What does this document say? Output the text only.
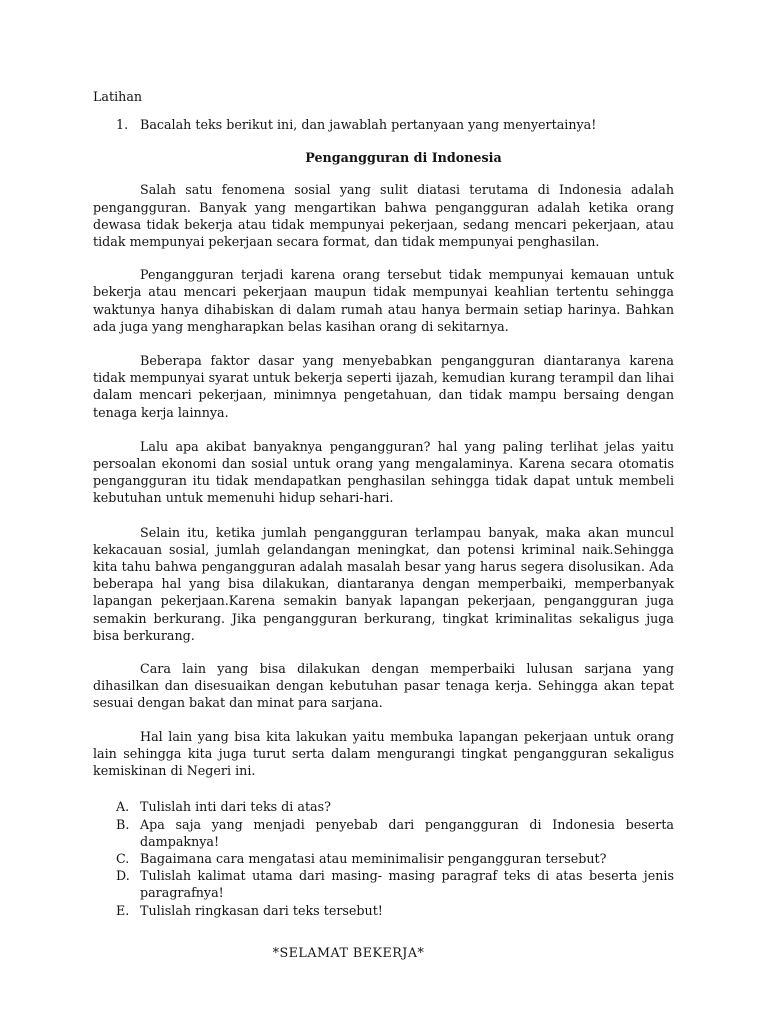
Latihan

1. Bacalah teks berikut ini, dan jawablah pertanyaan yang menyertainya!

Pengangguran di Indonesia

Salah satu fenomena sosial yang sulit diatasi terutama di Indonesia adalah pengangguran. Banyak yang mengartikan bahwa pengangguran adalah ketika orang dewasa tidak bekerja atau tidak mempunyai pekerjaan, sedang mencari pekerjaan, atau tidak mempunyai pekerjaan secara format, dan tidak mempunyai penghasilan.

Pengangguran terjadi karena orang tersebut tidak mempunyai kemauan untuk bekerja atau mencari pekerjaan maupun tidak mempunyai keahlian tertentu sehingga waktunya hanya dihabiskan di dalam rumah atau hanya bermain setiap harinya. Bahkan ada juga yang mengharapkan belas kasihan orang di sekitarnya.

Beberapa faktor dasar yang menyebabkan pengangguran diantaranya karena tidak mempunyai syarat untuk bekerja seperti ijazah, kemudian kurang terampil dan lihai dalam mencari pekerjaan, minimnya pengetahuan, dan tidak mampu bersaing dengan tenaga kerja lainnya.

Lalu apa akibat banyaknya pengangguran? hal yang paling terlihat jelas yaitu persoalan ekonomi dan sosial untuk orang yang mengalaminya. Karena secara otomatis pengangguran itu tidak mendapatkan penghasilan sehingga tidak dapat untuk membeli kebutuhan untuk memenuhi hidup sehari-hari.

Selain itu, ketika jumlah pengangguran terlampau banyak, maka akan muncul kekacauan sosial, jumlah gelandangan meningkat, dan potensi kriminal naik.Sehingga kita tahu bahwa pengangguran adalah masalah besar yang harus segera disolusikan. Ada beberapa hal yang bisa dilakukan, diantaranya dengan memperbaiki, memperbanyak lapangan pekerjaan.Karena semakin banyak lapangan pekerjaan, pengangguran juga semakin berkurang. Jika pengangguran berkurang, tingkat kriminalitas sekaligus juga bisa berkurang.

Cara lain yang bisa dilakukan dengan memperbaiki lulusan sarjana yang dihasilkan dan disesuaikan dengan kebutuhan pasar tenaga kerja. Sehingga akan tepat sesuai dengan bakat dan minat para sarjana.

Hal lain yang bisa kita lakukan yaitu membuka lapangan pekerjaan untuk orang lain sehingga kita juga turut serta dalam mengurangi tingkat pengangguran sekaligus kemiskinan di Negeri ini.

A. Tulislah inti dari teks di atas?
B. Apa saja yang menjadi penyebab dari pengangguran di Indonesia beserta dampaknya!
C. Bagaimana cara mengatasi atau meminimalisir pengangguran tersebut?
D. Tulislah kalimat utama dari masing- masing paragraf teks di atas beserta jenis paragrafnya!
E. Tulislah ringkasan dari teks tersebut!

*SELAMAT BEKERJA*
